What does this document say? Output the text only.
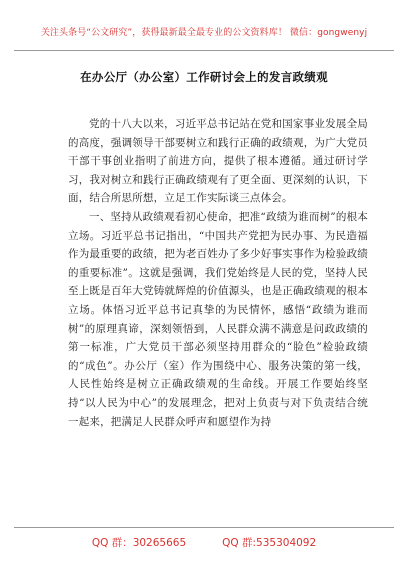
关注头条号“公文研究”，获得最新最全最专业的公文资料库！ 微信：gongwenyj
在办公厅（办公室）工作研讨会上的发言政绩观

党的十八大以来，习近平总书记站在党和国家事业发展全局的高度，强调领导干部要树立和践行正确的政绩观，为广大党员干部干事创业指明了前进方向，提供了根本遵循。通过研讨学习，我对树立和践行正确政绩观有了更全面、更深刻的认识，下面，结合所思所想，立足工作实际谈三点体会。

一、坚持从政绩观看初心使命，把准“政绩为谁而树”的根本立场。习近平总书记指出，“中国共产党把为民办事、为民造福作为最重要的政绩，把为老百姓办了多少好事实事作为检验政绩的重要标准”。这就是强调，我们党始终是人民的党，坚持人民至上既是百年大党铸就辉煌的价值源头，也是正确政绩观的根本立场。体悟习近平总书记真挚的为民情怀，感悟“政绩为谁而树”的原理真谛，深刻领悟到，人民群众满不满意是问政政绩的第一标准，广大党员干部必须坚持用群众的“脸色”检验政绩的“成色”。办公厅（室）作为围绕中心、服务决策的第一线，人民性始终是树立正确政绩观的生命线。开展工作要始终坚持“以人民为中心”的发展理念，把对上负责与对下负责结合统一起来，把满足人民群众呼声和愿望作为持

QQ 群：30265665	QQ 群:535304092
